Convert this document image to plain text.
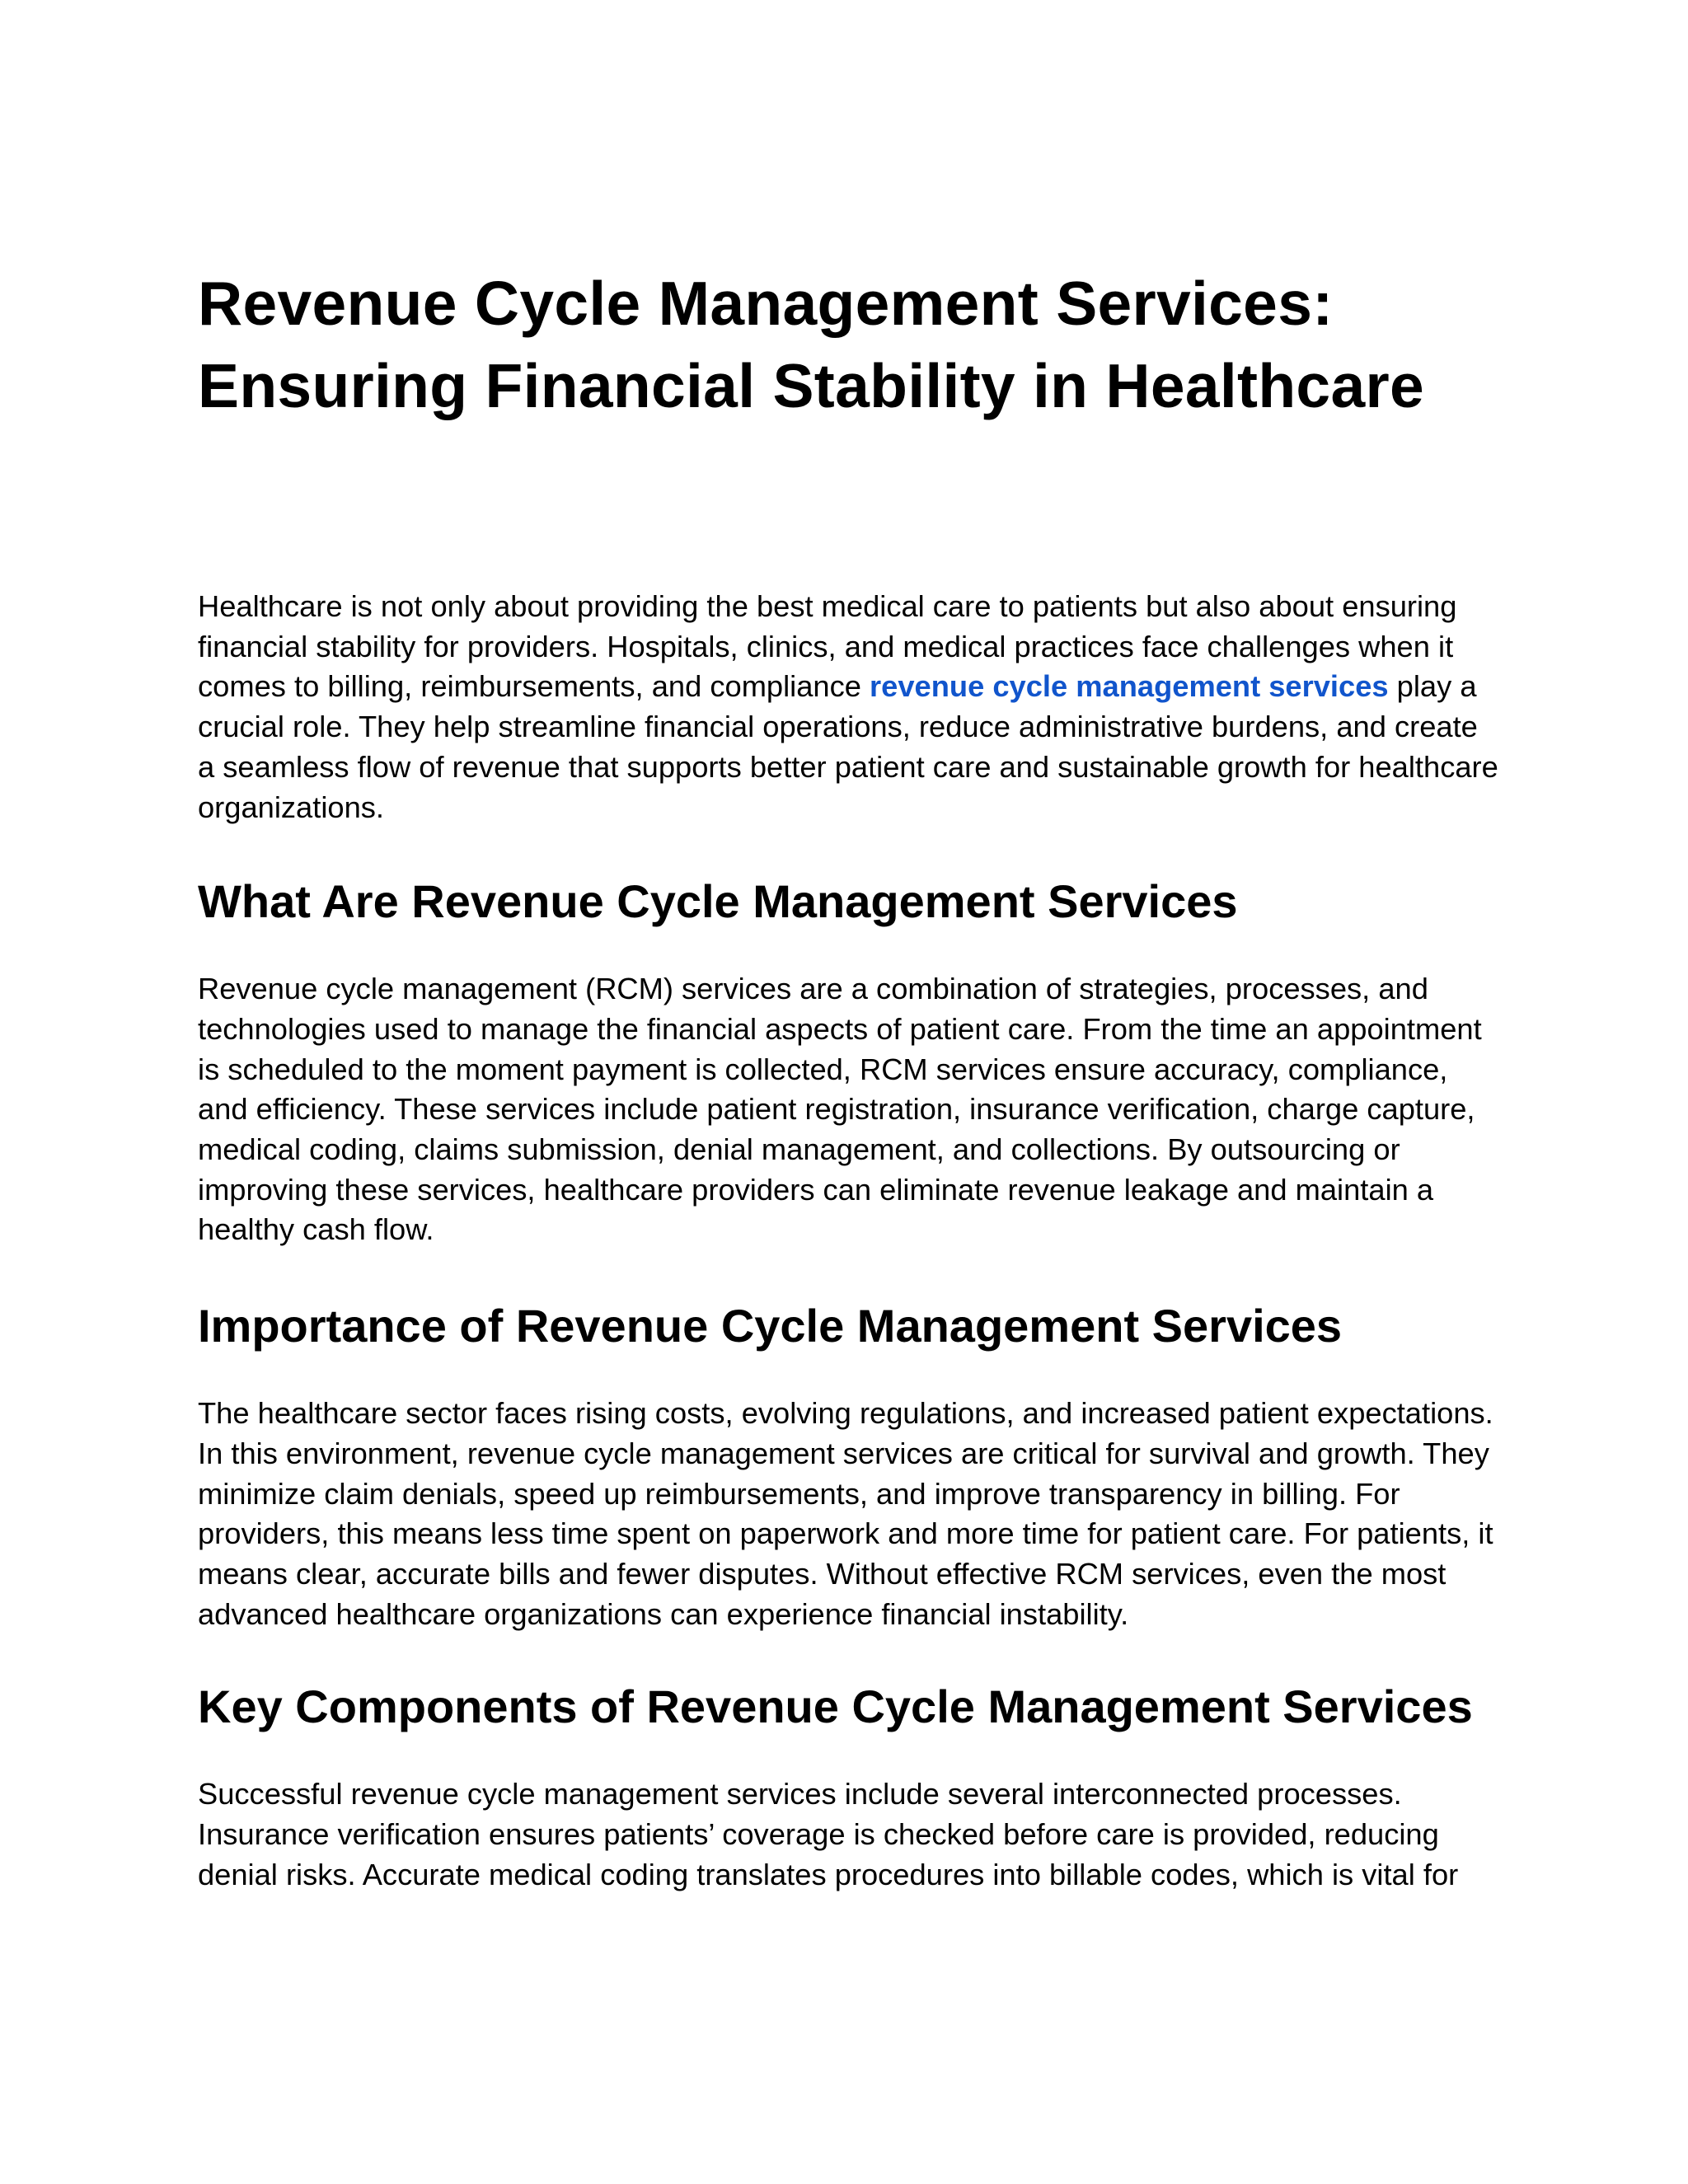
Revenue Cycle Management Services: Ensuring Financial Stability in Healthcare

Healthcare is not only about providing the best medical care to patients but also about ensuring financial stability for providers. Hospitals, clinics, and medical practices face challenges when it comes to billing, reimbursements, and compliance revenue cycle management services play a crucial role. They help streamline financial operations, reduce administrative burdens, and create a seamless flow of revenue that supports better patient care and sustainable growth for healthcare organizations.

What Are Revenue Cycle Management Services

Revenue cycle management (RCM) services are a combination of strategies, processes, and technologies used to manage the financial aspects of patient care. From the time an appointment is scheduled to the moment payment is collected, RCM services ensure accuracy, compliance, and efficiency. These services include patient registration, insurance verification, charge capture, medical coding, claims submission, denial management, and collections. By outsourcing or improving these services, healthcare providers can eliminate revenue leakage and maintain a healthy cash flow.

Importance of Revenue Cycle Management Services

The healthcare sector faces rising costs, evolving regulations, and increased patient expectations. In this environment, revenue cycle management services are critical for survival and growth. They minimize claim denials, speed up reimbursements, and improve transparency in billing. For providers, this means less time spent on paperwork and more time for patient care. For patients, it means clear, accurate bills and fewer disputes. Without effective RCM services, even the most advanced healthcare organizations can experience financial instability.

Key Components of Revenue Cycle Management Services

Successful revenue cycle management services include several interconnected processes. Insurance verification ensures patients’ coverage is checked before care is provided, reducing denial risks. Accurate medical coding translates procedures into billable codes, which is vital for
